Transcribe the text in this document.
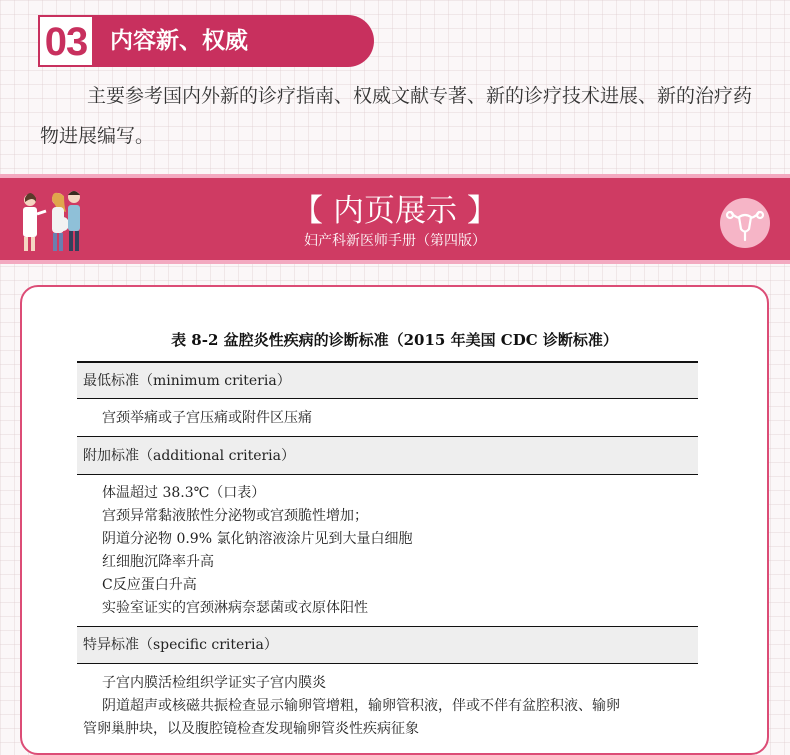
03 内容新、权威

主要参考国内外新的诊疗指南、权威文献专著、新的诊疗技术进展、新的治疗药物进展编写。

【 内页展示 】
妇产科新医师手册（第四版）
表 8-2 盆腔炎性疾病的诊断标准（2015 年美国 CDC 诊断标准）
最低标准（minimum criteria）
宫颈举痛或子宫压痛或附件区压痛
附加标准（additional criteria）
体温超过 38.3℃（口表）
宫颈异常黏液脓性分泌物或宫颈脆性增加；
阴道分泌物 0.9% 氯化钠溶液涂片见到大量白细胞
红细胞沉降率升高
C反应蛋白升高
实验室证实的宫颈淋病奈瑟菌或衣原体阳性
特异标准（specific criteria）
子宫内膜活检组织学证实子宫内膜炎
阴道超声或核磁共振检查显示输卵管增粗，输卵管积液，伴或不伴有盆腔积液、输卵
管卵巢肿块，以及腹腔镜检查发现输卵管炎性疾病征象
